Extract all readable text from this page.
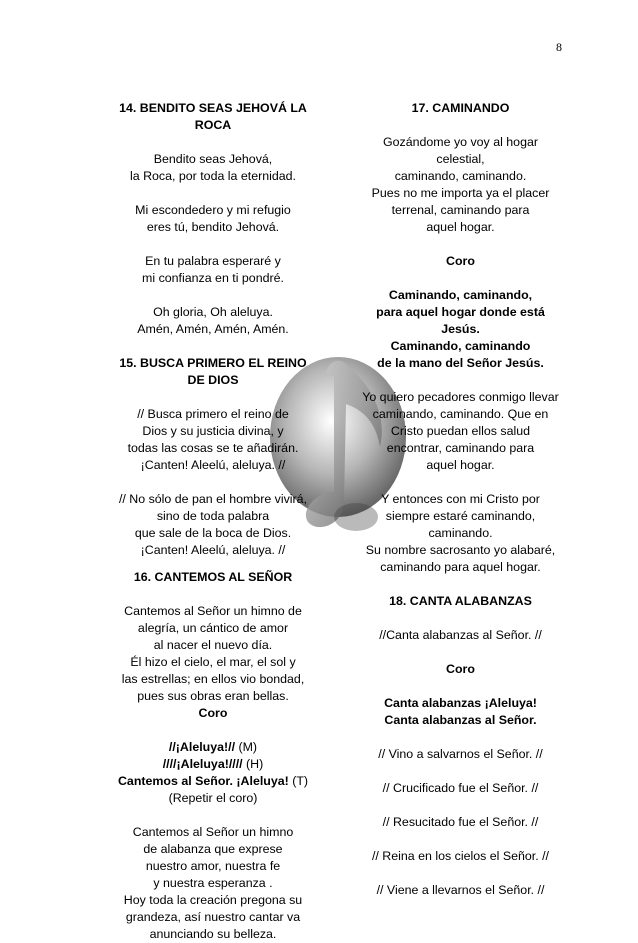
8

14. BENDITO SEAS JEHOVÁ LA

ROCA

Bendito seas Jehová,

la Roca, por toda la eternidad.

Mi escondedero y mi refugio

eres tú, bendito Jehová.

En tu palabra esperaré y

mi confianza en ti pondré.

Oh gloria, Oh aleluya.

Amén, Amén, Amén, Amén.

15. BUSCA PRIMERO EL REINO

DE DIOS

// Busca primero el reino de

Dios y su justicia divina, y

todas las cosas se te añadirán.

¡Canten! Aleelú, aleluya. //

// No sólo de pan el hombre vivirá,

sino de toda palabra

que sale de la boca de Dios.

¡Canten! Aleelú, aleluya. //

16. CANTEMOS AL SEÑOR

Cantemos al Señor un himno de

alegría, un cántico de amor

al nacer el nuevo día.

Él hizo el cielo, el mar, el sol y

las estrellas; en ellos vio bondad,

pues sus obras eran bellas.

Coro

//¡Aleluya!// (M)

////¡Aleluya!//// (H)

Cantemos al Señor. ¡Aleluya! (T)

(Repetir el coro)

Cantemos al Señor un himno

de alabanza que exprese

nuestro amor, nuestra fe

y nuestra esperanza .

Hoy toda la creación pregona su

grandeza, así nuestro cantar va

anunciando su belleza.

17. CAMINANDO

Gozándome yo voy al hogar

celestial,

caminando, caminando.

Pues no me importa ya el placer

terrenal, caminando para

aquel hogar.

Coro

Caminando, caminando,

para aquel hogar donde está

Jesús.

Caminando, caminando

de la mano del Señor Jesús.

Yo quiero pecadores conmigo llevar

caminando, caminando. Que en

Cristo puedan ellos salud

encontrar, caminando para

aquel hogar.

Y entonces con mi Cristo por

siempre estaré caminando,

caminando.

Su nombre sacrosanto yo alabaré,

caminando para aquel hogar.

18. CANTA ALABANZAS

//Canta alabanzas al Señor. //

Coro

Canta alabanzas ¡Aleluya!

Canta alabanzas al Señor.

// Vino a salvarnos el Señor. //

// Crucificado fue el Señor. //

// Resucitado fue el Señor. //

// Reina en los cielos el Señor. //

// Viene a llevarnos el Señor. //
